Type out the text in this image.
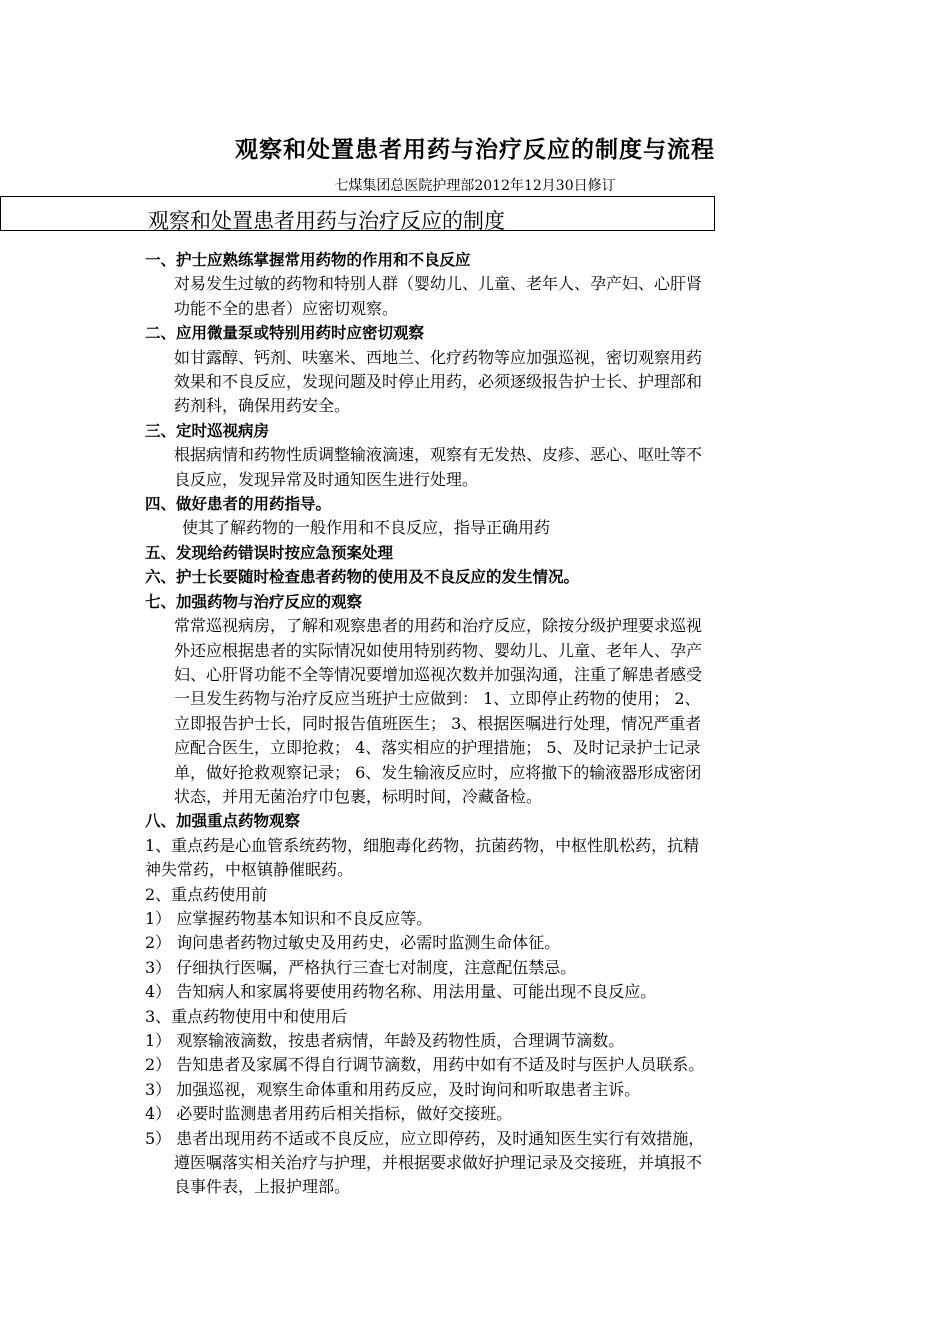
观察和处置患者用药与治疗反应的制度与流程
七煤集团总医院护理部2012年12月30日修订
观察和处置患者用药与治疗反应的制度
一、护士应熟练掌握常用药物的作用和不良反应
对易发生过敏的药物和特别人群（婴幼儿、儿童、老年人、孕产妇、心肝肾
功能不全的患者）应密切观察。
二、应用微量泵或特别用药时应密切观察
如甘露醇、钙剂、呋塞米、西地兰、化疗药物等应加强巡视，密切观察用药
效果和不良反应，发现问题及时停止用药，必须逐级报告护士长、护理部和
药剂科，确保用药安全。
三、定时巡视病房
根据病情和药物性质调整输液滴速，观察有无发热、皮疹、恶心、呕吐等不
良反应，发现异常及时通知医生进行处理。
四、做好患者的用药指导。
使其了解药物的一般作用和不良反应，指导正确用药
五、发现给药错误时按应急预案处理
六、护士长要随时检查患者药物的使用及不良反应的发生情况。
七、加强药物与治疗反应的观察
常常巡视病房，了解和观察患者的用药和治疗反应，除按分级护理要求巡视
外还应根据患者的实际情况如使用特别药物、婴幼儿、儿童、老年人、孕产
妇、心肝肾功能不全等情况要增加巡视次数并加强沟通，注重了解患者感受
一旦发生药物与治疗反应当班护士应做到： 1、立即停止药物的使用； 2、
立即报告护士长，同时报告值班医生； 3、根据医嘱进行处理，情况严重者
应配合医生，立即抢救； 4、落实相应的护理措施； 5、及时记录护士记录
单，做好抢救观察记录； 6、发生输液反应时，应将撤下的输液器形成密闭
状态，并用无菌治疗巾包裹，标明时间，冷藏备检。
八、加强重点药物观察
1、重点药是心血管系统药物，细胞毒化药物，抗菌药物，中枢性肌松药，抗精
神失常药，中枢镇静催眠药。
2、重点药使用前
1） 应掌握药物基本知识和不良反应等。
2） 询问患者药物过敏史及用药史，必需时监测生命体征。
3） 仔细执行医嘱，严格执行三查七对制度，注意配伍禁忌。
4） 告知病人和家属将要使用药物名称、用法用量、可能出现不良反应。
3、重点药物使用中和使用后
1） 观察输液滴数，按患者病情，年龄及药物性质，合理调节滴数。
2） 告知患者及家属不得自行调节滴数，用药中如有不适及时与医护人员联系。
3） 加强巡视，观察生命体重和用药反应，及时询问和听取患者主诉。
4） 必要时监测患者用药后相关指标，做好交接班。
5） 患者出现用药不适或不良反应，应立即停药，及时通知医生实行有效措施，
遵医嘱落实相关治疗与护理，并根据要求做好护理记录及交接班，并填报不
良事件表，上报护理部。
